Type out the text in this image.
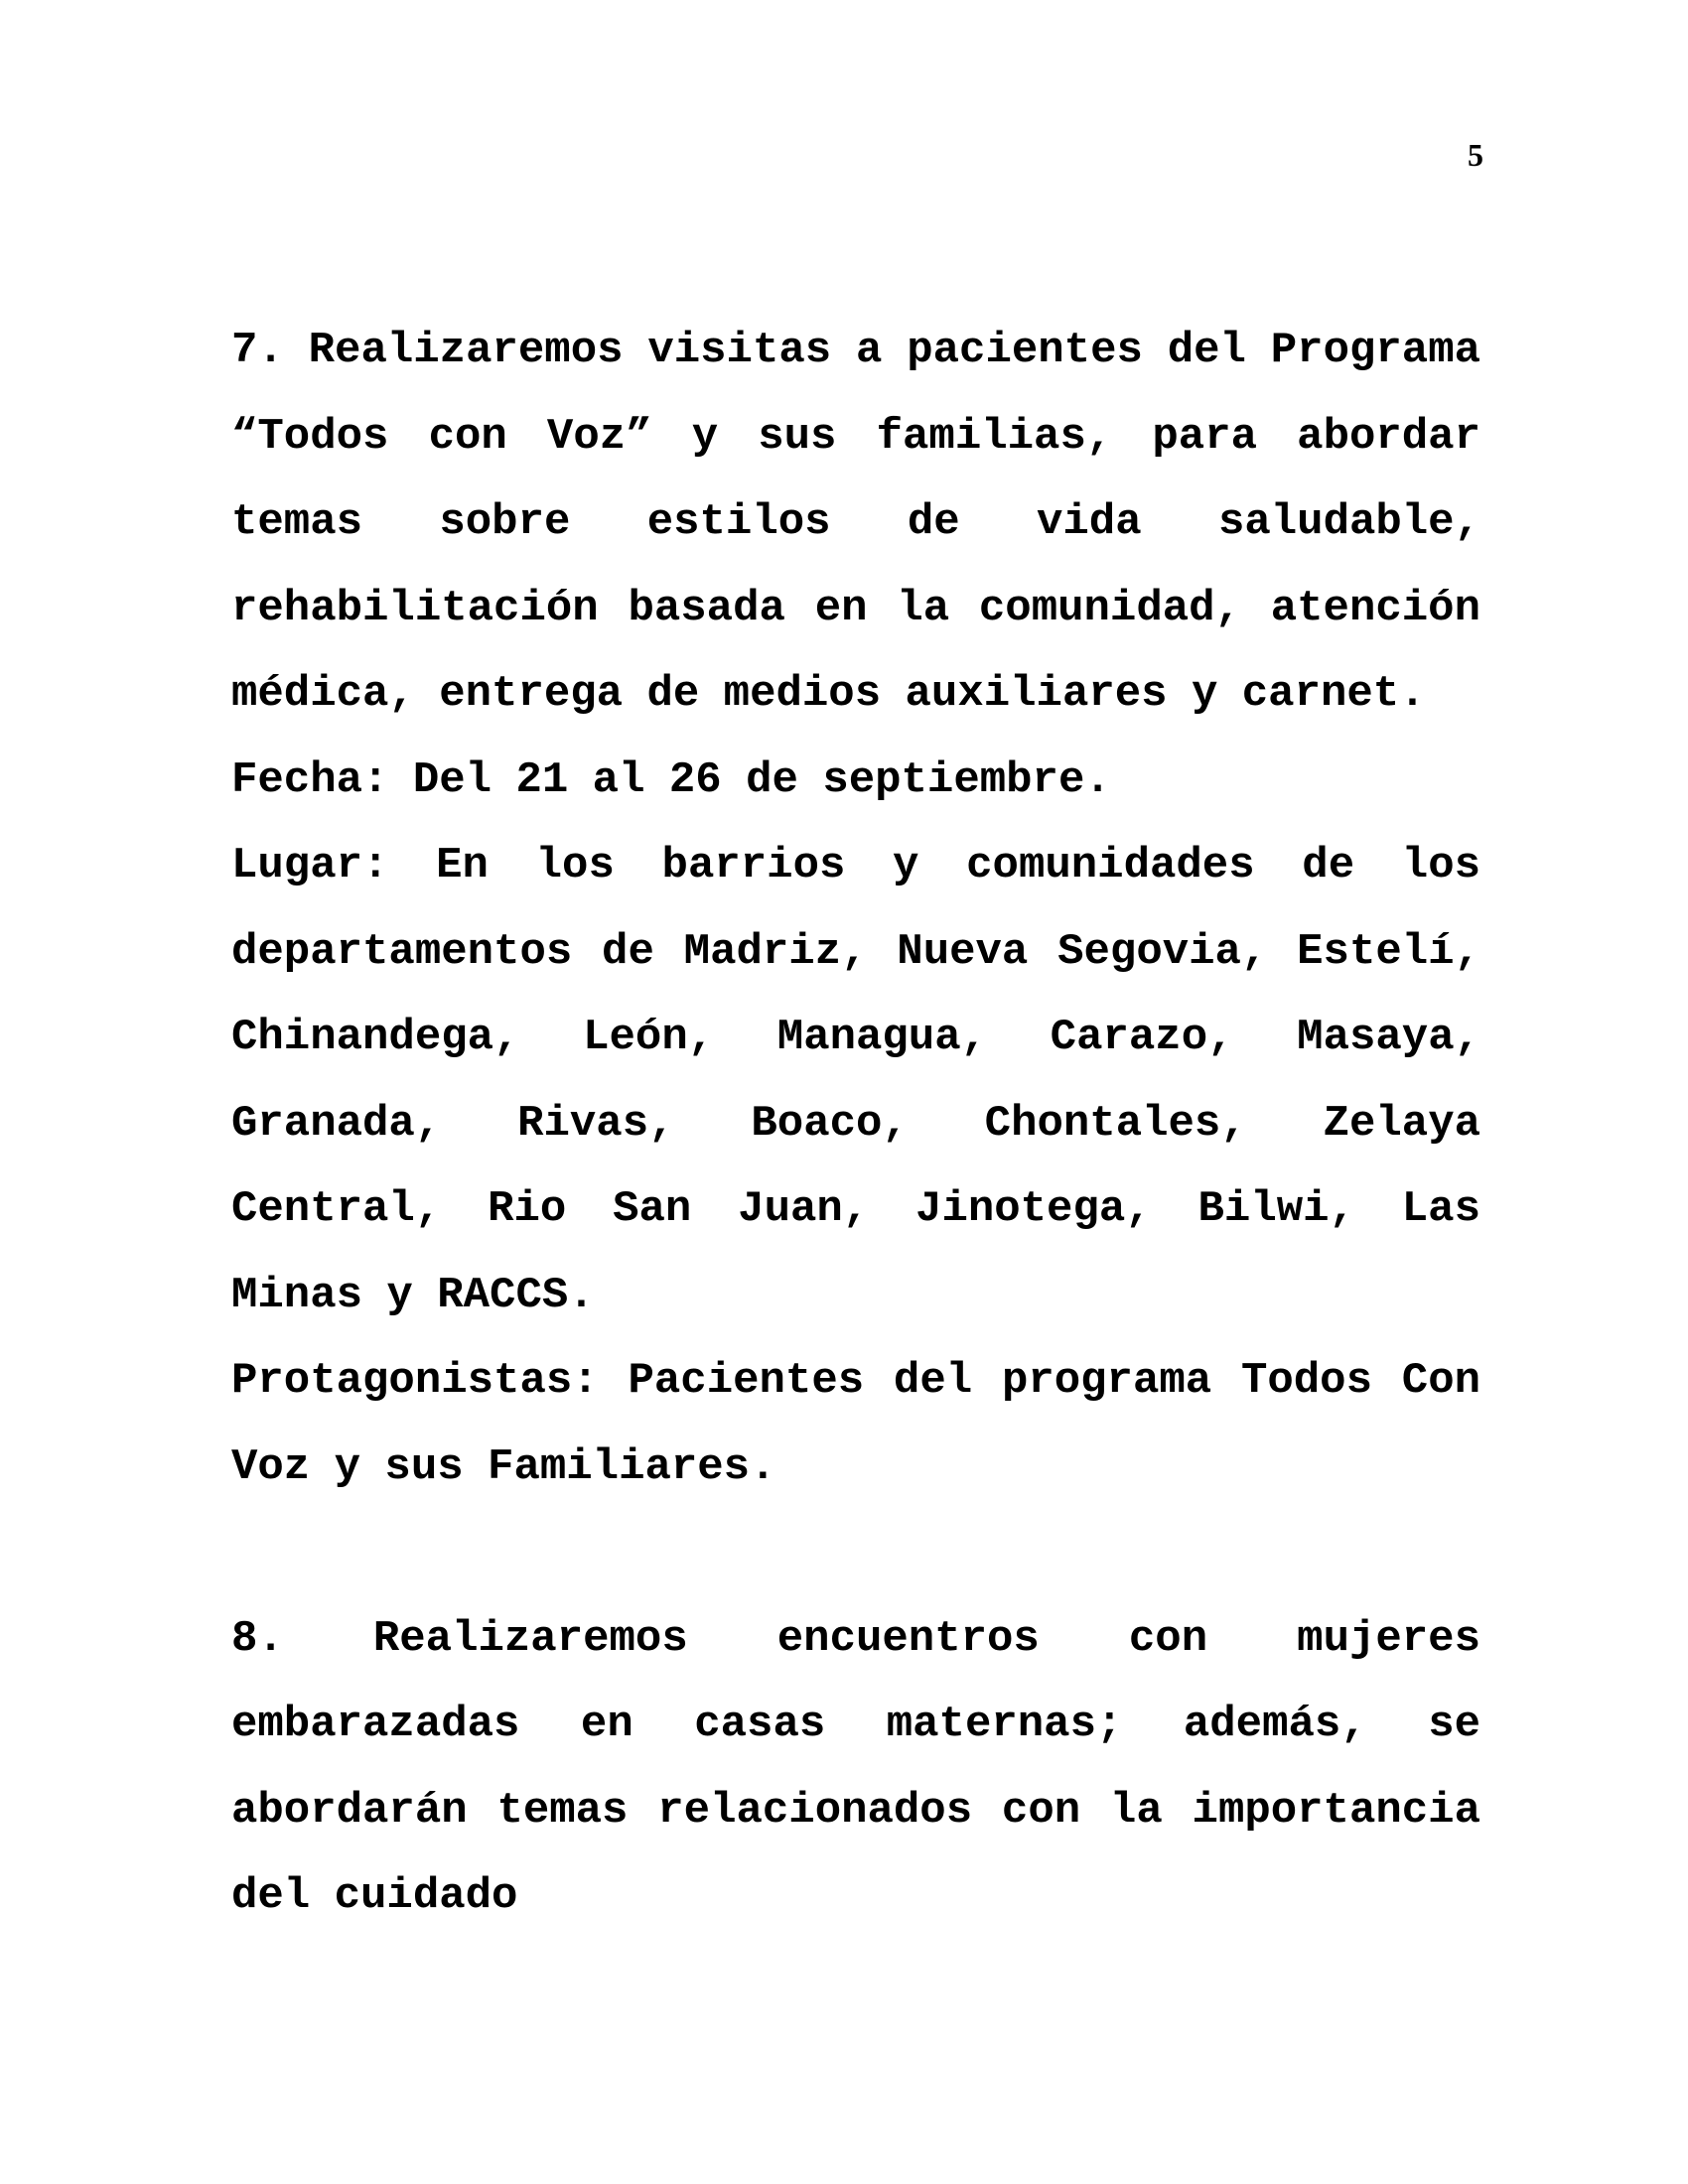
5

7. Realizaremos visitas a pacientes del Programa “Todos con Voz” y sus familias, para abordar temas sobre estilos de vida saludable, rehabilitación basada en la comunidad, atención médica, entrega de medios auxiliares y carnet.

Fecha: Del 21 al 26 de septiembre.

Lugar: En los barrios y comunidades de los departamentos de Madriz, Nueva Segovia, Estelí, Chinandega, León, Managua, Carazo, Masaya, Granada, Rivas, Boaco, Chontales, Zelaya Central, Rio San Juan, Jinotega, Bilwi, Las Minas y RACCS.

Protagonistas: Pacientes del programa Todos Con Voz y sus Familiares.

8. Realizaremos encuentros con mujeres embarazadas en casas maternas; además, se abordarán temas relacionados con la importancia del cuidado
